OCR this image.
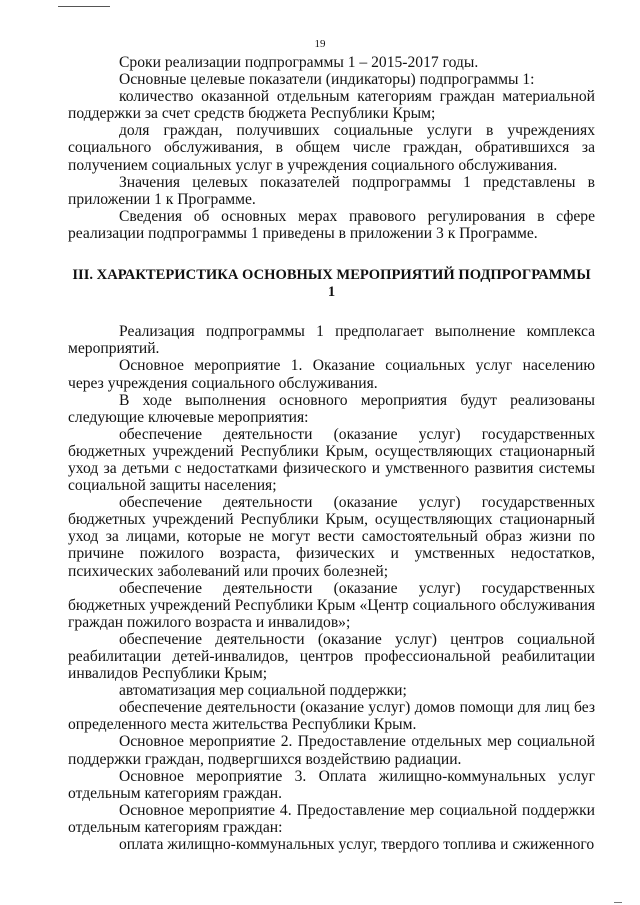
19

Сроки реализации подпрограммы 1 – 2015-2017 годы.

Основные целевые показатели (индикаторы) подпрограммы 1:

количество оказанной отдельным категориям граждан материальной поддержки за счет средств бюджета Республики Крым;

доля граждан, получивших социальные услуги в учреждениях социального обслуживания, в общем числе граждан, обратившихся за получением социальных услуг в учреждения социального обслуживания.

Значения целевых показателей подпрограммы 1 представлены в приложении 1 к Программе.

Сведения об основных мерах правового регулирования в сфере реализации подпрограммы 1 приведены в приложении 3 к Программе.

III. ХАРАКТЕРИСТИКА ОСНОВНЫХ МЕРОПРИЯТИЙ ПОДПРОГРАММЫ 1

Реализация подпрограммы 1 предполагает выполнение комплекса мероприятий.

Основное мероприятие 1. Оказание социальных услуг населению через учреждения социального обслуживания.

В ходе выполнения основного мероприятия будут реализованы следующие ключевые мероприятия:

обеспечение деятельности (оказание услуг) государственных бюджетных учреждений Республики Крым, осуществляющих стационарный уход за детьми с недостатками физического и умственного развития системы социальной защиты населения;

обеспечение деятельности (оказание услуг) государственных бюджетных учреждений Республики Крым, осуществляющих стационарный уход за лицами, которые не могут вести самостоятельный образ жизни по причине пожилого возраста, физических и умственных недостатков, психических заболеваний или прочих болезней;

обеспечение деятельности (оказание услуг) государственных бюджетных учреждений Республики Крым «Центр социального обслуживания граждан пожилого возраста и инвалидов»;

обеспечение деятельности (оказание услуг) центров социальной реабилитации детей-инвалидов, центров профессиональной реабилитации инвалидов Республики Крым;

автоматизация мер социальной поддержки;

обеспечение деятельности (оказание услуг) домов помощи для лиц без определенного места жительства Республики Крым.

Основное мероприятие 2. Предоставление отдельных мер социальной поддержки граждан, подвергшихся воздействию радиации.

Основное мероприятие 3. Оплата жилищно-коммунальных услуг отдельным категориям граждан.

Основное мероприятие 4. Предоставление мер социальной поддержки отдельным категориям граждан:

оплата жилищно-коммунальных услуг, твердого топлива и сжиженного
